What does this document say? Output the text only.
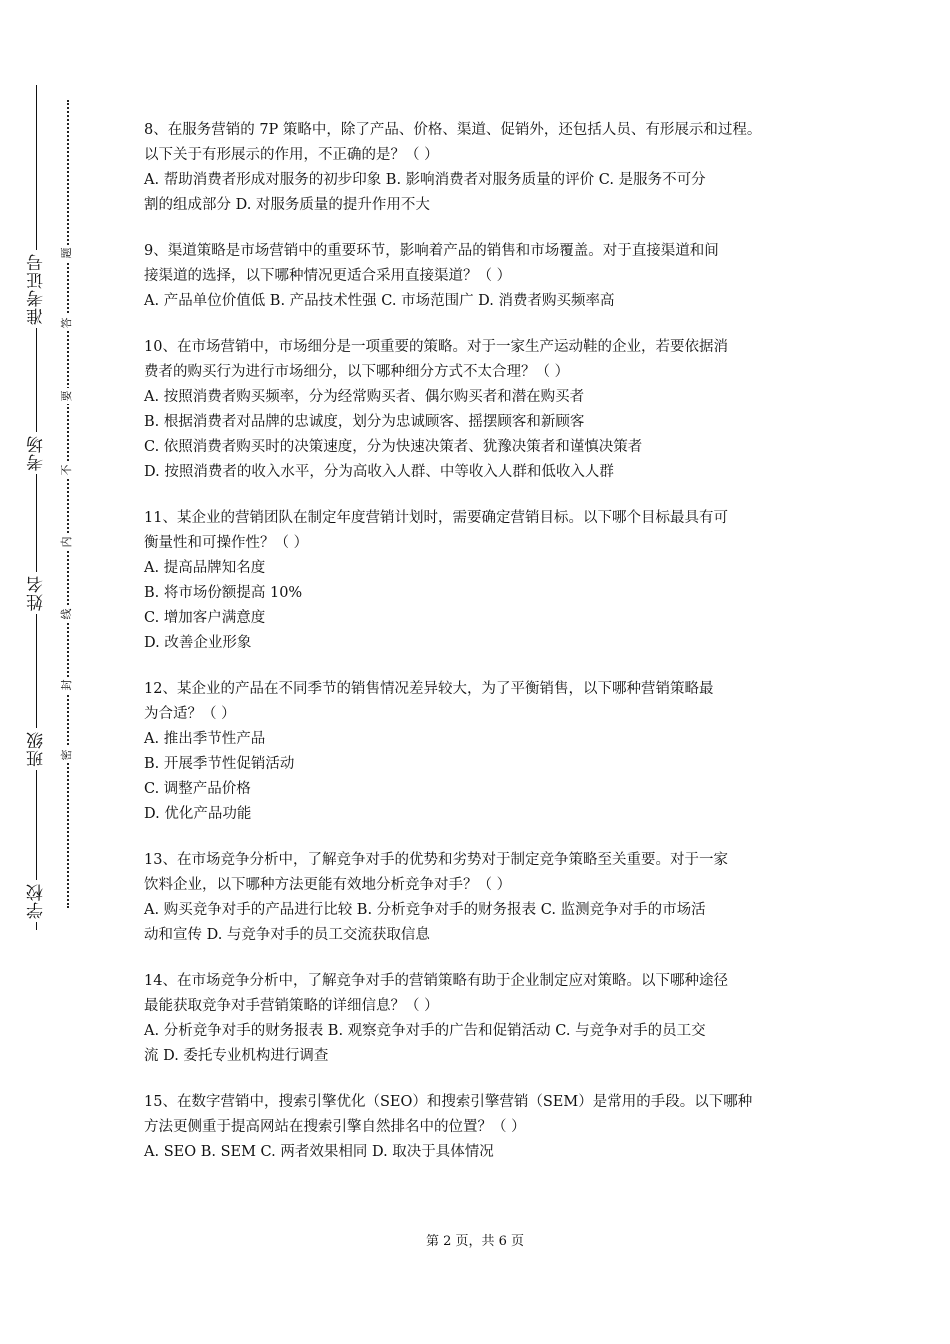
准考证号
考场
姓名
班级
学校
题
答
要
不
内
线
封
密
8、在服务营销的 7P 策略中，除了产品、价格、渠道、促销外，还包括人员、有形展示和过程。
以下关于有形展示的作用，不正确的是？（ ）
A. 帮助消费者形成对服务的初步印象 B. 影响消费者对服务质量的评价 C. 是服务不可分
割的组成部分 D. 对服务质量的提升作用不大
9、渠道策略是市场营销中的重要环节，影响着产品的销售和市场覆盖。对于直接渠道和间
接渠道的选择，以下哪种情况更适合采用直接渠道？（ ）
A. 产品单位价值低 B. 产品技术性强 C. 市场范围广 D. 消费者购买频率高
10、在市场营销中，市场细分是一项重要的策略。对于一家生产运动鞋的企业，若要依据消
费者的购买行为进行市场细分，以下哪种细分方式不太合理？（ ）
A. 按照消费者购买频率，分为经常购买者、偶尔购买者和潜在购买者
B. 根据消费者对品牌的忠诚度，划分为忠诚顾客、摇摆顾客和新顾客
C. 依照消费者购买时的决策速度，分为快速决策者、犹豫决策者和谨慎决策者
D. 按照消费者的收入水平，分为高收入人群、中等收入人群和低收入人群
11、某企业的营销团队在制定年度营销计划时，需要确定营销目标。以下哪个目标最具有可
衡量性和可操作性？（ ）
A. 提高品牌知名度
B. 将市场份额提高 10%
C. 增加客户满意度
D. 改善企业形象
12、某企业的产品在不同季节的销售情况差异较大，为了平衡销售，以下哪种营销策略最
为合适？（ ）
A. 推出季节性产品
B. 开展季节性促销活动
C. 调整产品价格
D. 优化产品功能
13、在市场竞争分析中，了解竞争对手的优势和劣势对于制定竞争策略至关重要。对于一家
饮料企业，以下哪种方法更能有效地分析竞争对手？（ ）
A. 购买竞争对手的产品进行比较 B. 分析竞争对手的财务报表 C. 监测竞争对手的市场活
动和宣传 D. 与竞争对手的员工交流获取信息
14、在市场竞争分析中，了解竞争对手的营销策略有助于企业制定应对策略。以下哪种途径
最能获取竞争对手营销策略的详细信息？（ ）
A. 分析竞争对手的财务报表 B. 观察竞争对手的广告和促销活动 C. 与竞争对手的员工交
流 D. 委托专业机构进行调查
15、在数字营销中，搜索引擎优化（SEO）和搜索引擎营销（SEM）是常用的手段。以下哪种
方法更侧重于提高网站在搜索引擎自然排名中的位置？（ ）
A. SEO B. SEM C. 两者效果相同 D. 取决于具体情况
第 2 页，共 6 页
